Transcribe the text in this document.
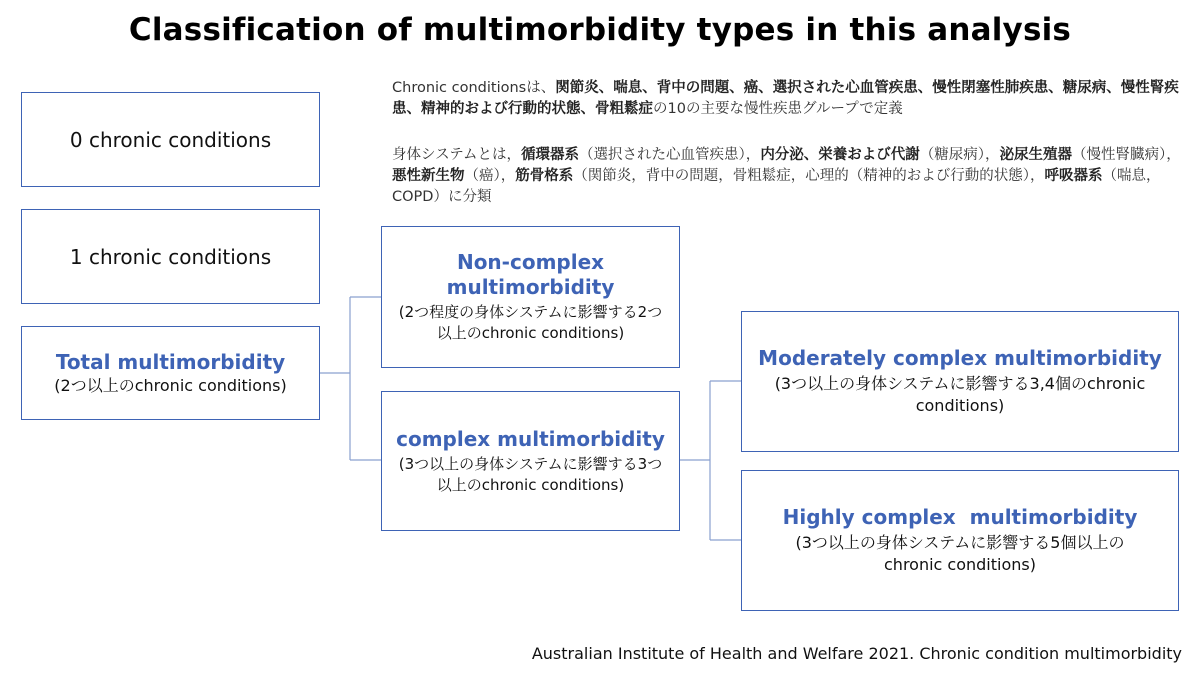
Classification of multimorbidity types in this analysis
0 chronic conditions
1 chronic conditions
Total multimorbidity
(2つ以上のchronic conditions)
Non-complex multimorbidity
(2つ程度の身体システムに影響する2つ以上のchronic conditions)
complex multimorbidity
(3つ以上の身体システムに影響する3つ以上のchronic conditions)
Moderately complex multimorbidity
(3つ以上の身体システムに影響する3,4個のchronic conditions)
Highly complex  multimorbidity
(3つ以上の身体システムに影響する5個以上のchronic conditions)
Chronic conditionsは、関節炎、喘息、背中の問題、癌、選択された心血管疾患、慢性閉塞性肺疾患、糖尿病、慢性腎疾患、精神的および行動的状態、骨粗鬆症の10の主要な慢性疾患グループで定義
身体システムとは，循環器系（選択された心血管疾患），内分泌、栄養および代謝（糖尿病），泌尿生殖器（慢性腎臓病），悪性新生物（癌），筋骨格系（関節炎，背中の問題，骨粗鬆症，心理的（精神的および行動的状態），呼吸器系（喘息，COPD）に分類
Australian Institute of Health and Welfare 2021. Chronic condition multimorbidity
